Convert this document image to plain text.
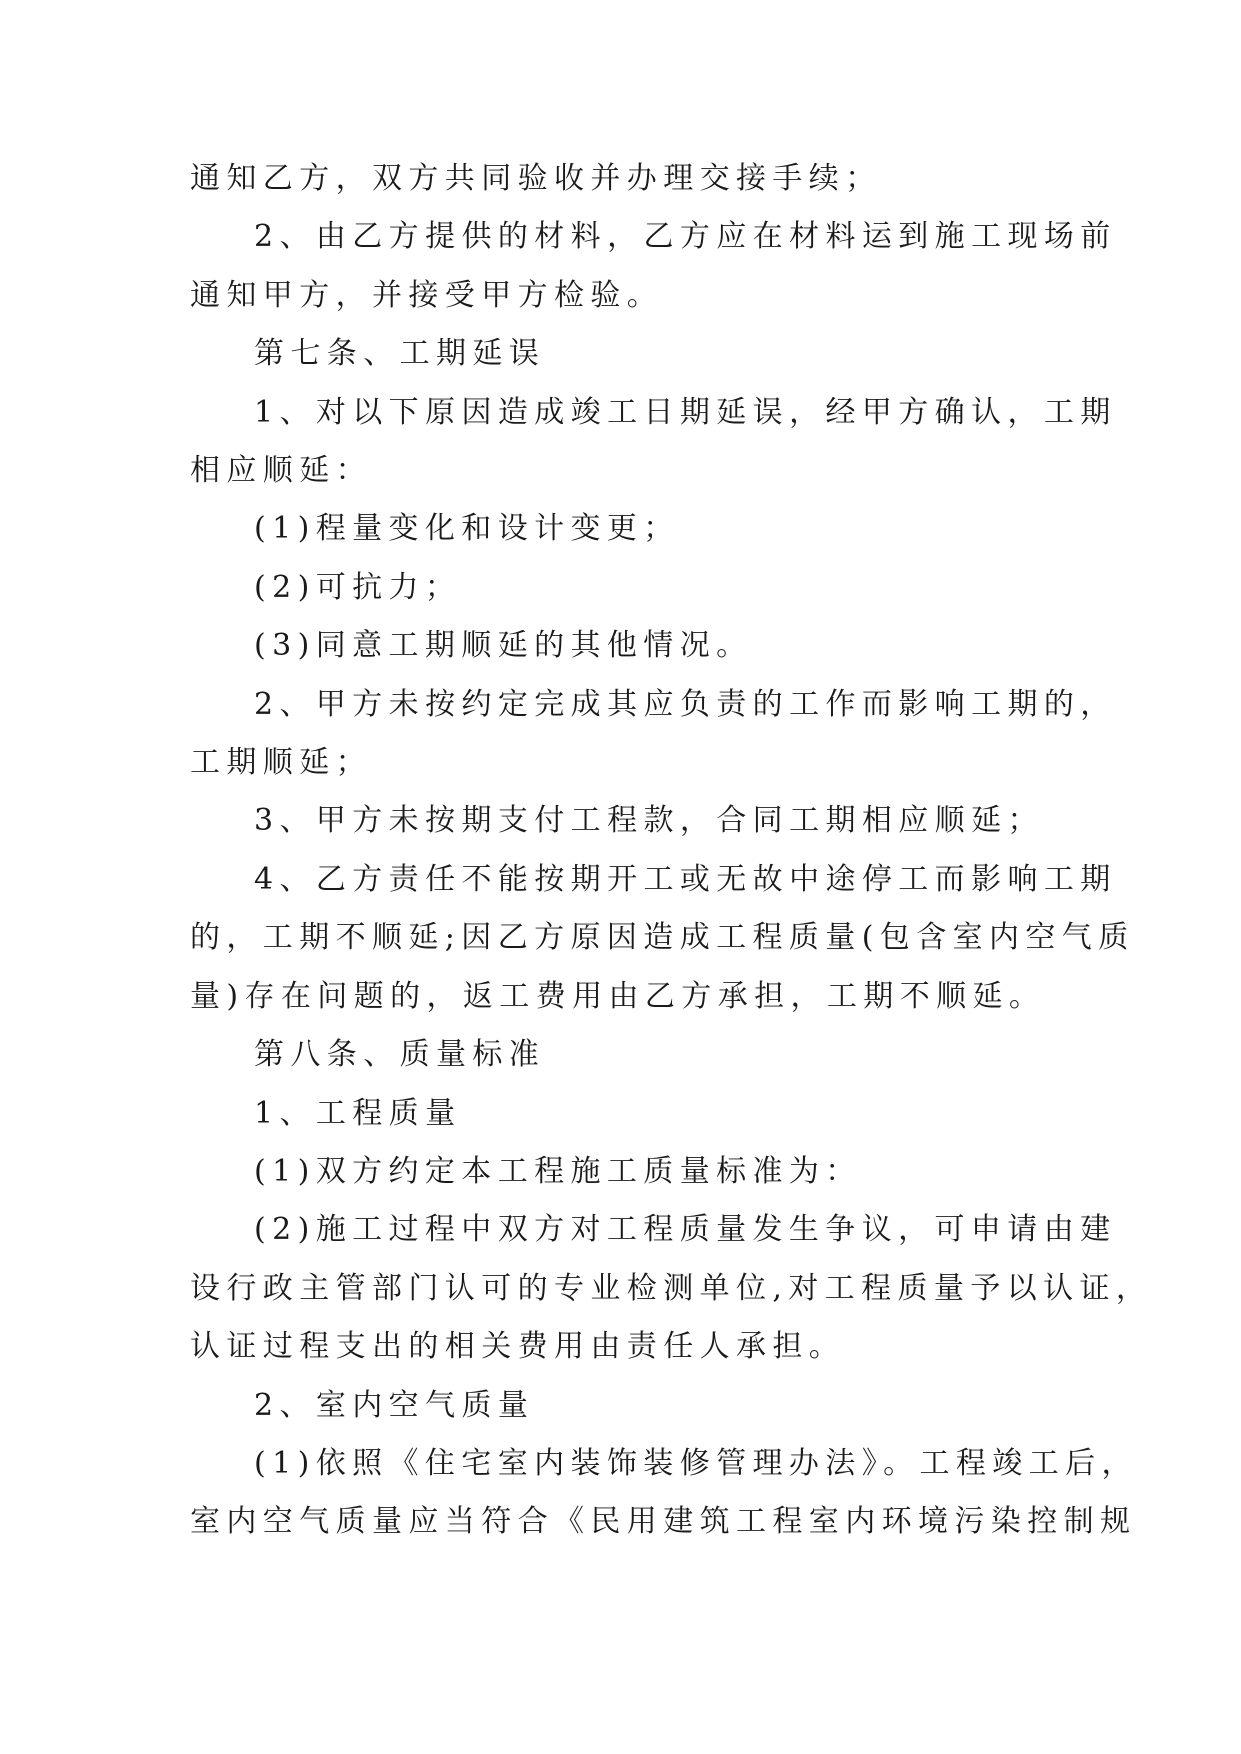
通知乙方，双方共同验收并办理交接手续；

2、由乙方提供的材料，乙方应在材料运到施工现场前

通知甲方，并接受甲方检验。

第七条、工期延误

1、对以下原因造成竣工日期延误，经甲方确认，工期

相应顺延：

(1)程量变化和设计变更；

(2)可抗力；

(3)同意工期顺延的其他情况。

2、甲方未按约定完成其应负责的工作而影响工期的，

工期顺延；

3、甲方未按期支付工程款，合同工期相应顺延；

4、乙方责任不能按期开工或无故中途停工而影响工期

的，工期不顺延;因乙方原因造成工程质量(包含室内空气质

量)存在问题的，返工费用由乙方承担，工期不顺延。

第八条、质量标准

1、工程质量

(1)双方约定本工程施工质量标准为：

(2)施工过程中双方对工程质量发生争议，可申请由建

设行政主管部门认可的专业检测单位,对工程质量予以认证，

认证过程支出的相关费用由责任人承担。

2、室内空气质量

(1)依照《住宅室内装饰装修管理办法》。工程竣工后，

室内空气质量应当符合《民用建筑工程室内环境污染控制规
